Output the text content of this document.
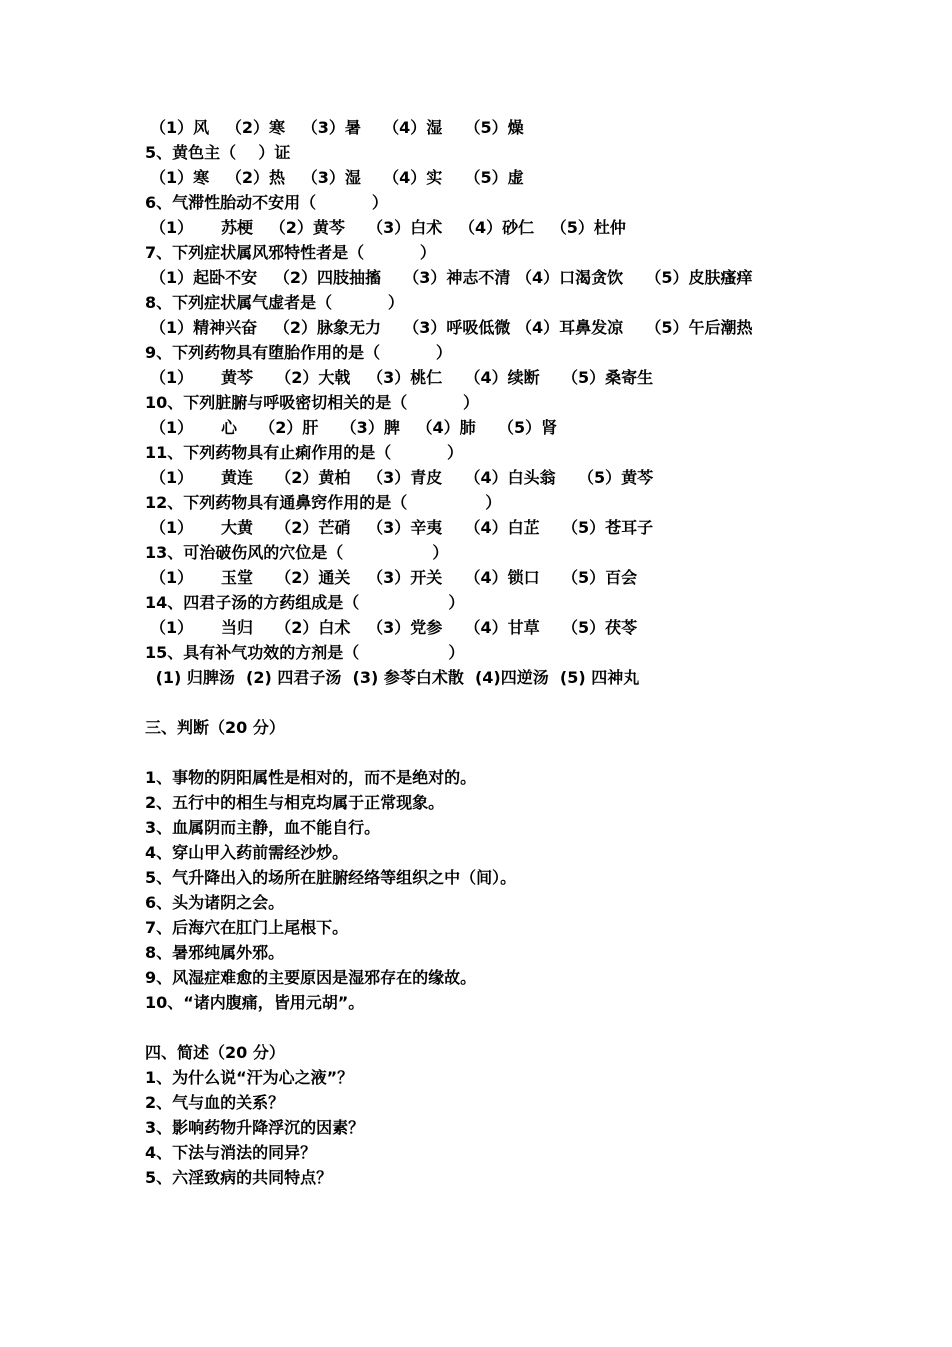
（1）风   （2）寒   （3）暑    （4）湿    （5）燥
5、黄色主（    ）证
（1）寒   （2）热   （3）湿    （4）实    （5）虚
6、气滞性胎动不安用（          ）
（1）     苏梗   （2）黄芩    （3）白术   （4）砂仁   （5）杜仲
7、下列症状属风邪特性者是（          ）
（1）起卧不安   （2）四肢抽搐    （3）神志不清 （4）口渴贪饮    （5）皮肤瘙痒
8、下列症状属气虚者是（          ）
（1）精神兴奋   （2）脉象无力    （3）呼吸低微 （4）耳鼻发凉    （5）午后潮热
9、下列药物具有堕胎作用的是（          ）
（1）     黄芩    （2）大戟   （3）桃仁    （4）续断    （5）桑寄生
10、下列脏腑与呼吸密切相关的是（          ）
（1）     心    （2）肝    （3）脾   （4）肺    （5）肾
11、下列药物具有止痢作用的是（          ）
（1）     黄连    （2）黄柏   （3）青皮    （4）白头翁    （5）黄芩
12、下列药物具有通鼻窍作用的是（              ）
（1）     大黄    （2）芒硝   （3）辛夷    （4）白芷    （5）苍耳子
13、可治破伤风的穴位是（                ）
（1）     玉堂    （2）通关   （3）开关    （4）锁口    （5）百会
14、四君子汤的方药组成是（                ）
（1）     当归    （2）白术   （3）党参    （4）甘草    （5）茯苓
15、具有补气功效的方剂是（                ）
(1) 归脾汤  (2) 四君子汤  (3) 参苓白术散  (4)四逆汤  (5) 四神丸
三、判断（20 分）
1、事物的阴阳属性是相对的，而不是绝对的。
2、五行中的相生与相克均属于正常现象。
3、血属阴而主静，血不能自行。
4、穿山甲入药前需经沙炒。
5、气升降出入的场所在脏腑经络等组织之中（间）。
6、头为诸阴之会。
7、后海穴在肛门上尾根下。
8、暑邪纯属外邪。
9、风湿症难愈的主要原因是湿邪存在的缘故。
10、“诸内腹痛，皆用元胡”。
四、简述（20 分）
1、为什么说“汗为心之液”？
2、气与血的关系？
3、影响药物升降浮沉的因素？
4、下法与消法的同异？
5、六淫致病的共同特点？
